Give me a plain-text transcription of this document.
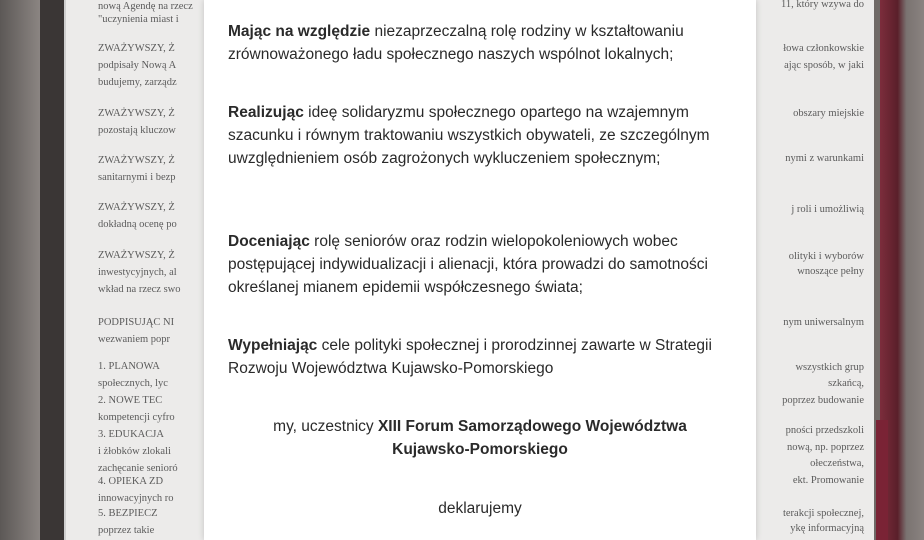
nową Agendę na rzecz
"uczynienia miast i
ZWAŻYWSZY, Ż
podpisały Nową A
budujemy, zarządz
ZWAŻYWSZY, Ż
pozostają kluczow
ZWAŻYWSZY, Ż
sanitarnymi i bezp
ZWAŻYWSZY, Ż
dokładną ocenę po
ZWAŻYWSZY, Ż
inwestycyjnych, al
wkład na rzecz swo
PODPISUJĄC NI
wezwaniem popr
1. PLANOWA
społecznych, lyc
2. NOWE TEC
kompetencji cyfro
3. EDUKACJA
i żłobków zlokali
zachęcanie senioró
4. OPIEKA ZD
innowacyjnych ro
5. BEZPIECZ
poprzez takie
11, który wzywa do
łowa członkowskie
ając sposób, w jaki
obszary miejskie
nymi z warunkami
j roli i umożliwią
olityki i wyborów
wnoszące pełny
nym uniwersalnym
wszystkich grup
szkańcą,
poprzez budowanie
pności przedszkoli
nową, np. poprzez
ołeczeństwa,
ekt. Promowanie
terakcji społecznej,
ykę informacyjną
Mając na względzie niezaprzeczalną rolę rodziny w kształtowaniu zrównoważonego ładu społecznego naszych wspólnot lokalnych;
Realizując ideę solidaryzmu społecznego opartego na wzajemnym szacunku i równym traktowaniu wszystkich obywateli, ze szczególnym uwzględnieniem osób zagrożonych wykluczeniem społecznym;
Doceniając rolę seniorów oraz rodzin wielopokoleniowych wobec postępującej indywidualizacji i alienacji, która prowadzi do samotności określanej mianem epidemii współczesnego świata;
Wypełniając cele polityki społecznej i prorodzinnej zawarte w Strategii Rozwoju Województwa Kujawsko-Pomorskiego
my, uczestnicy XIII Forum Samorządowego Województwa Kujawsko-Pomorskiego
deklarujemy
